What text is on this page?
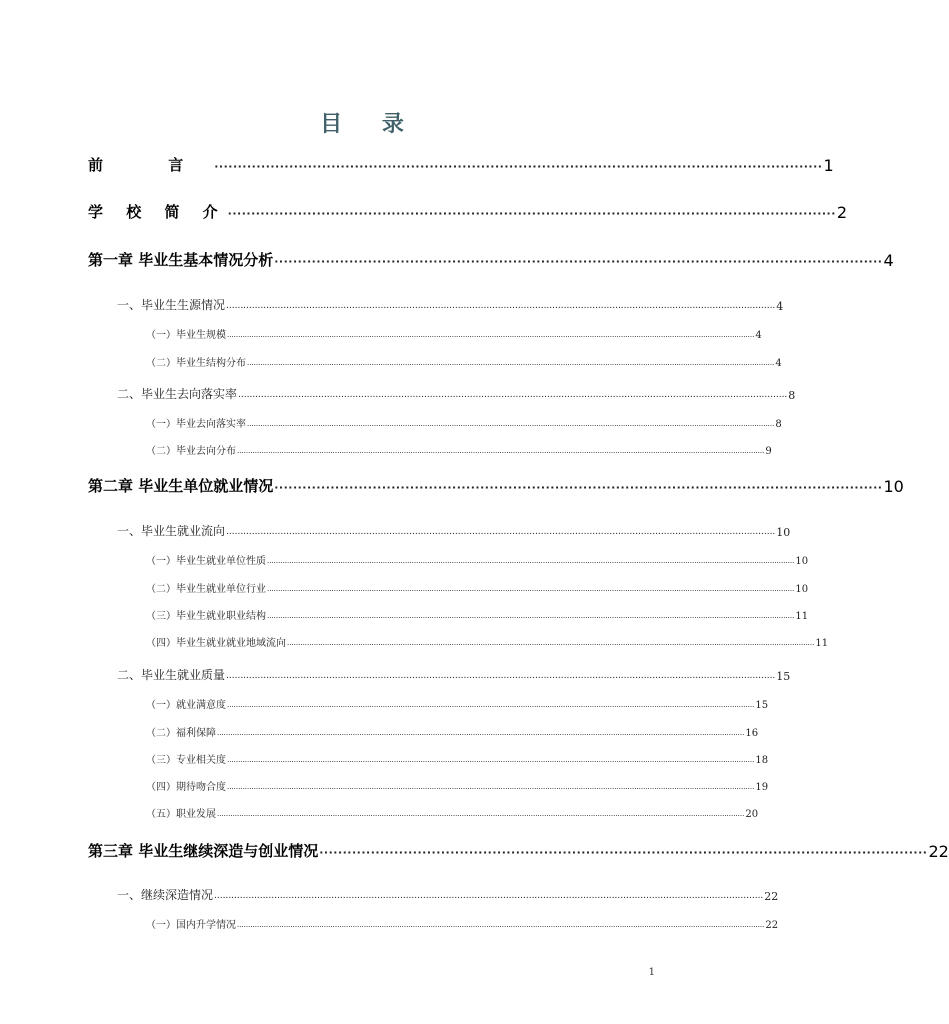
目 录
前 言 ·································································································································· 1
学 校 简 介 ·································································································································· 2
第一章 毕业生基本情况分析 ·································································································································· 4
一、毕业生生源情况 ................................................................................................................................................................................................ 4
（一）毕业生规模 ............................................................................................................................................................................................................................................. 4
（二）毕业生结构分布 ............................................................................................................................................................................................................................................. 4
二、毕业生去向落实率 ................................................................................................................................................................................................ 8
（一）毕业去向落实率 ............................................................................................................................................................................................................................................. 8
（二）毕业去向分布 ............................................................................................................................................................................................................................................. 9
第二章 毕业生单位就业情况 ·································································································································· 10
一、毕业生就业流向 ................................................................................................................................................................................................ 10
（一）毕业生就业单位性质 ............................................................................................................................................................................................................................................. 10
（二）毕业生就业单位行业 ............................................................................................................................................................................................................................................. 10
（三）毕业生就业职业结构 ............................................................................................................................................................................................................................................. 11
（四）毕业生就业就业地域流向 ............................................................................................................................................................................................................................................. 11
二、毕业生就业质量 ................................................................................................................................................................................................ 15
（一）就业满意度 ............................................................................................................................................................................................................................................. 15
（二）福利保障 ............................................................................................................................................................................................................................................. 16
（三）专业相关度 ............................................................................................................................................................................................................................................. 18
（四）期待吻合度 ............................................................................................................................................................................................................................................. 19
（五）职业发展 ............................................................................................................................................................................................................................................. 20
第三章 毕业生继续深造与创业情况 ·································································································································· 22
一、继续深造情况 ................................................................................................................................................................................................ 22
（一）国内升学情况 ............................................................................................................................................................................................................................................. 22
1
